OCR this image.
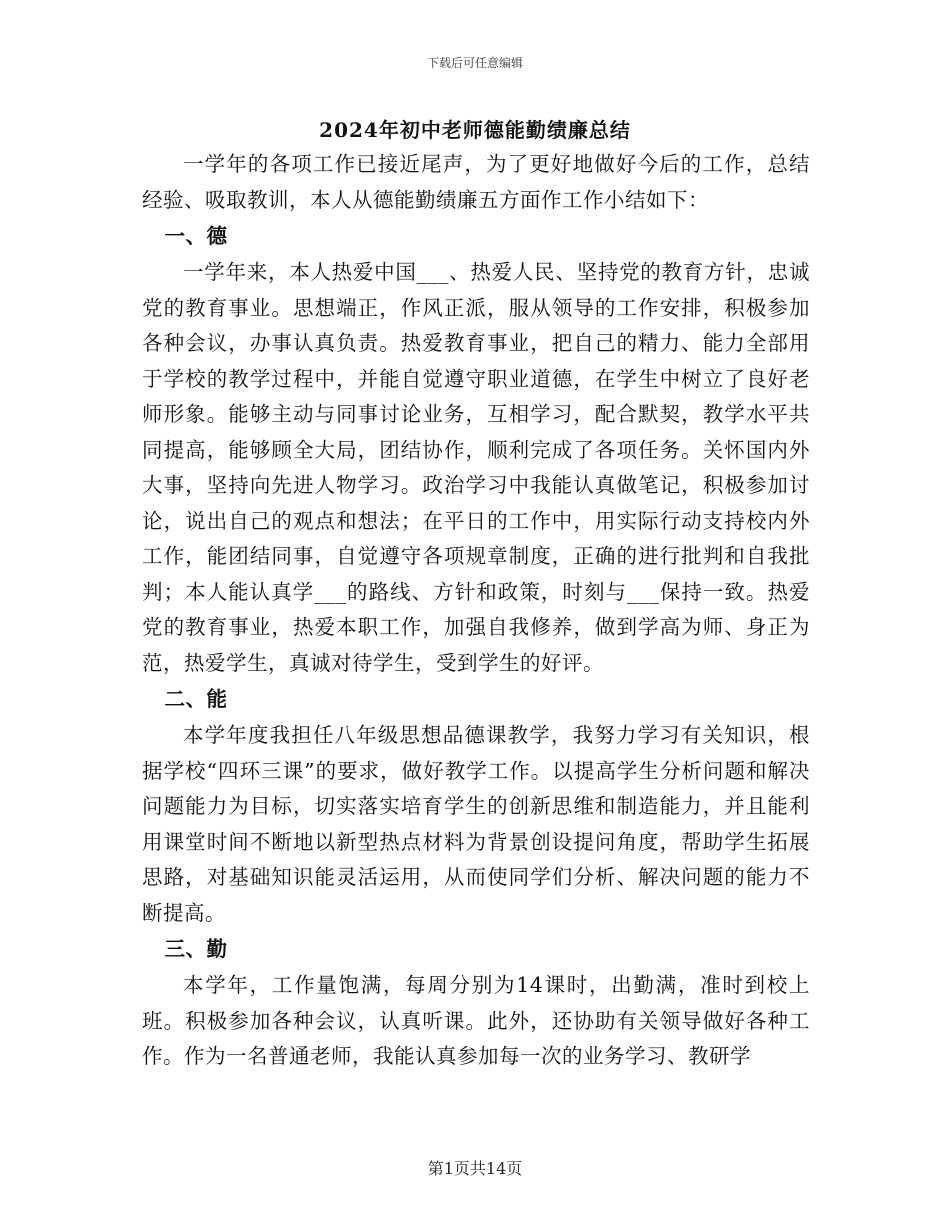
下载后可任意编辑
2024年初中老师德能勤绩廉总结

一学年的各项工作已接近尾声，为了更好地做好今后的工作，总结经验、吸取教训，本人从德能勤绩廉五方面作工作小结如下：

一、德

一学年来，本人热爱中国___、热爱人民、坚持党的教育方针，忠诚党的教育事业。思想端正，作风正派，服从领导的工作安排，积极参加各种会议，办事认真负责。热爱教育事业，把自己的精力、能力全部用于学校的教学过程中，并能自觉遵守职业道德，在学生中树立了良好老师形象。能够主动与同事讨论业务，互相学习，配合默契，教学水平共同提高，能够顾全大局，团结协作，顺利完成了各项任务。关怀国内外大事，坚持向先进人物学习。政治学习中我能认真做笔记，积极参加讨论，说出自己的观点和想法；在平日的工作中，用实际行动支持校内外工作，能团结同事，自觉遵守各项规章制度，正确的进行批判和自我批判；本人能认真学___的路线、方针和政策，时刻与___保持一致。热爱党的教育事业，热爱本职工作，加强自我修养，做到学高为师、身正为范，热爱学生，真诚对待学生，受到学生的好评。

二、能

本学年度我担任八年级思想品德课教学，我努力学习有关知识，根据学校“四环三课”的要求，做好教学工作。以提高学生分析问题和解决问题能力为目标，切实落实培育学生的创新思维和制造能力，并且能利用课堂时间不断地以新型热点材料为背景创设提问角度，帮助学生拓展思路，对基础知识能灵活运用，从而使同学们分析、解决问题的能力不断提高。

三、勤

本学年，工作量饱满，每周分别为14课时，出勤满，准时到校上班。积极参加各种会议，认真听课。此外，还协助有关领导做好各种工作。作为一名普通老师，我能认真参加每一次的业务学习、教研学

第1页共14页
